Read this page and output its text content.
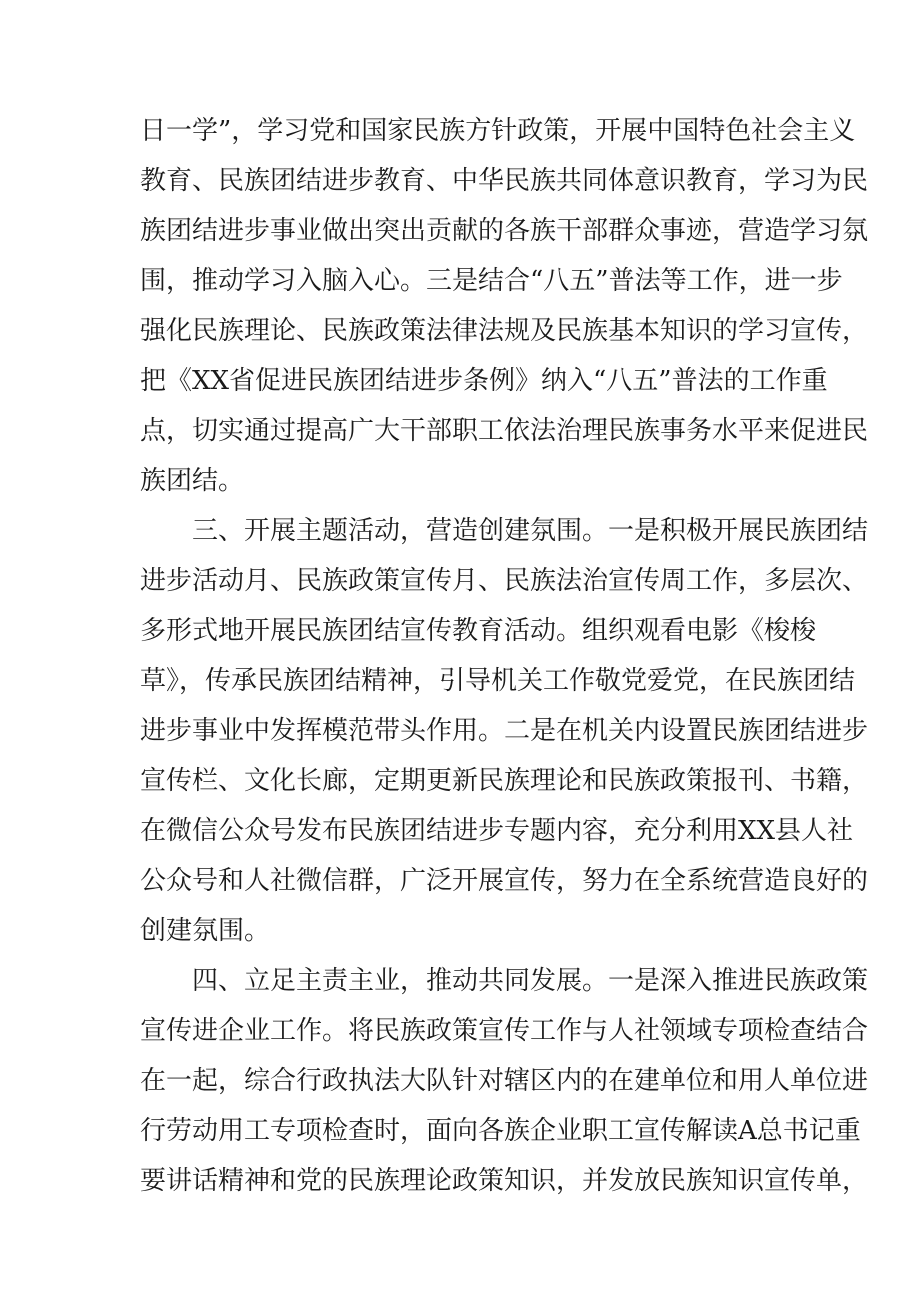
日一学”，学习党和国家民族方针政策，开展中国特色社会主义
教育、民族团结进步教育、中华民族共同体意识教育，学习为民
族团结进步事业做出突出贡献的各族干部群众事迹，营造学习氛
围，推动学习入脑入心。三是结合“八五”普法等工作，进一步
强化民族理论、民族政策法律法规及民族基本知识的学习宣传，
把《XX省促进民族团结进步条例》纳入“八五”普法的工作重
点，切实通过提高广大干部职工依法治理民族事务水平来促进民
族团结。
三、开展主题活动，营造创建氛围。一是积极开展民族团结
进步活动月、民族政策宣传月、民族法治宣传周工作，多层次、
多形式地开展民族团结宣传教育活动。组织观看电影《梭梭
草》，传承民族团结精神，引导机关工作敬党爱党，在民族团结
进步事业中发挥模范带头作用。二是在机关内设置民族团结进步
宣传栏、文化长廊，定期更新民族理论和民族政策报刊、书籍，
在微信公众号发布民族团结进步专题内容，充分利用XX县人社
公众号和人社微信群，广泛开展宣传，努力在全系统营造良好的
创建氛围。
四、立足主责主业，推动共同发展。一是深入推进民族政策
宣传进企业工作。将民族政策宣传工作与人社领域专项检查结合
在一起，综合行政执法大队针对辖区内的在建单位和用人单位进
行劳动用工专项检查时，面向各族企业职工宣传解读A总书记重
要讲话精神和党的民族理论政策知识，并发放民族知识宣传单，
